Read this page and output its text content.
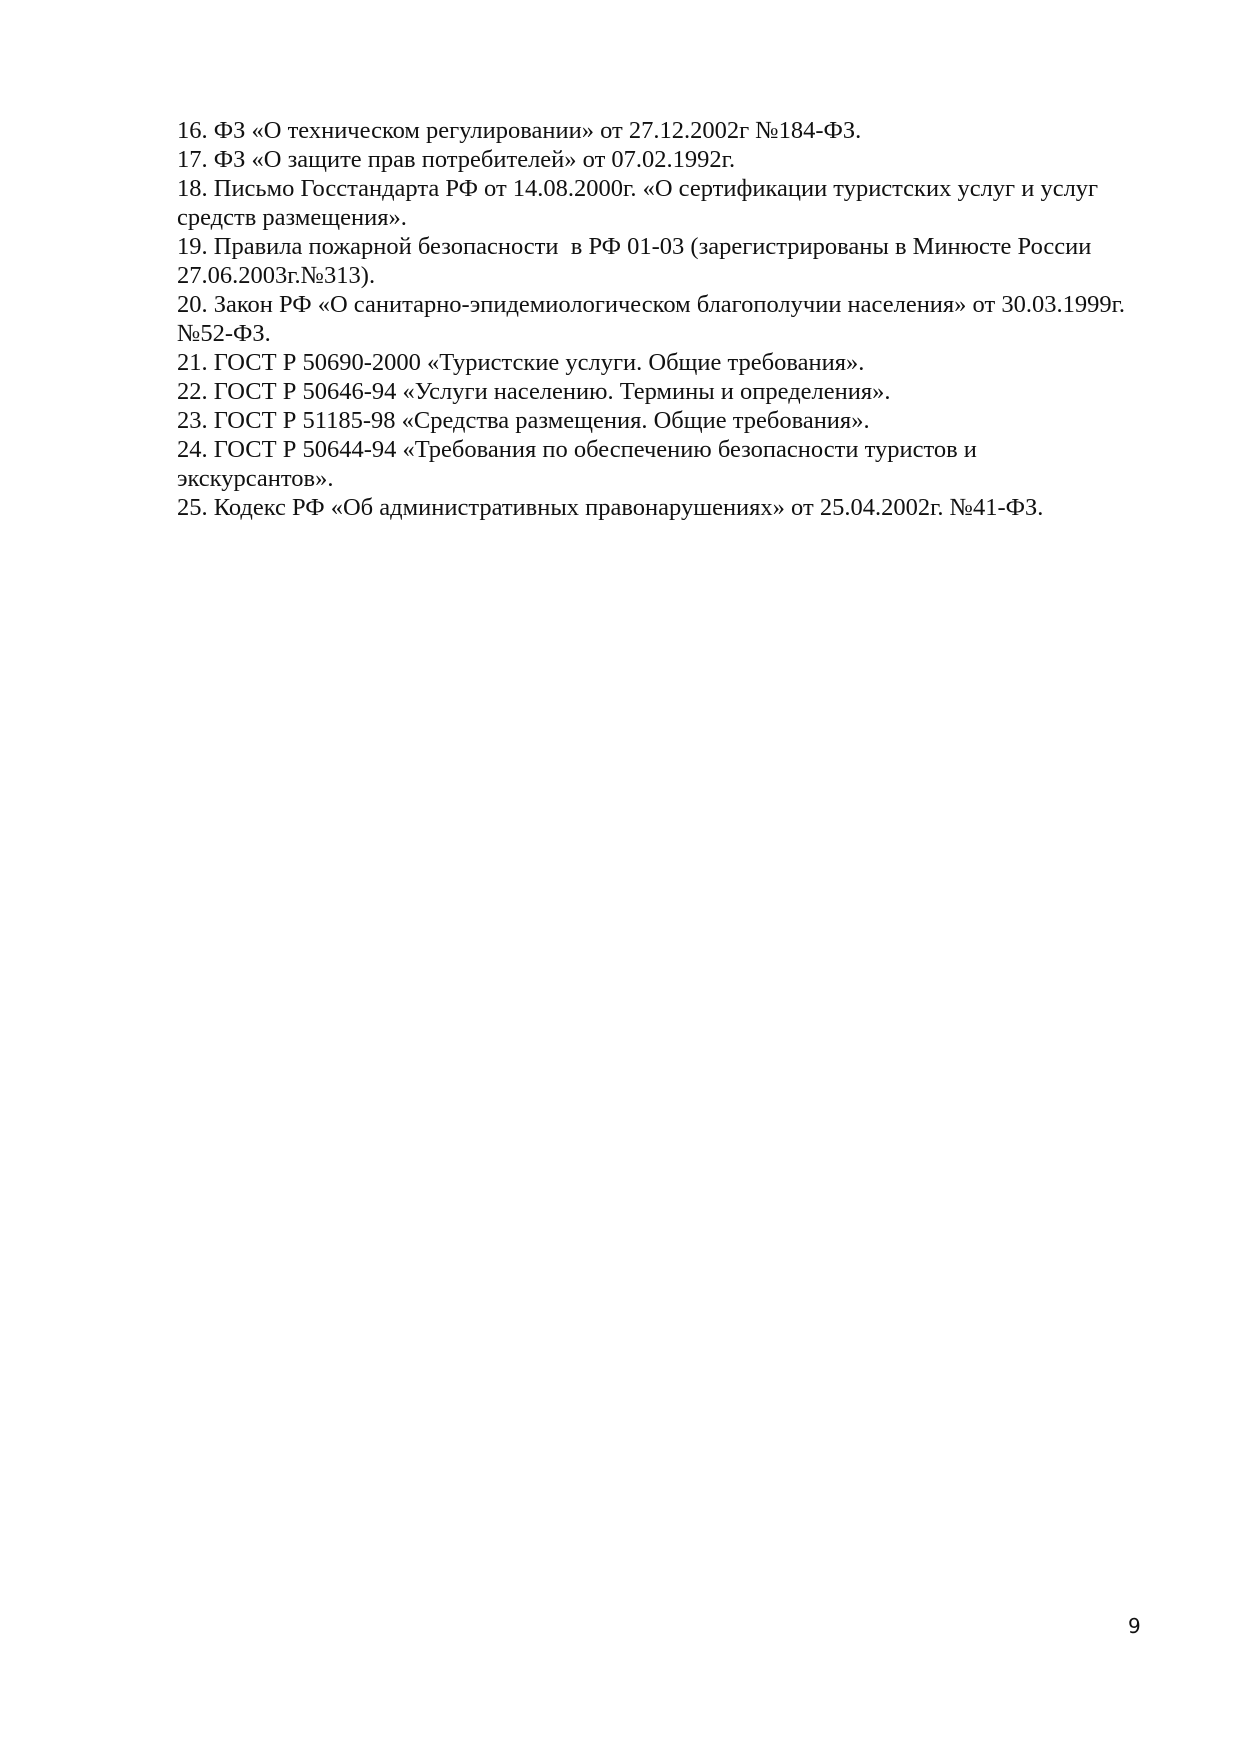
16. ФЗ «О техническом регулировании» от 27.12.2002г №184-ФЗ.
17. ФЗ «О защите прав потребителей» от 07.02.1992г.
18. Письмо Госстандарта РФ от 14.08.2000г. «О сертификации туристских услуг и услуг
средств размещения».
19. Правила пожарной безопасности  в РФ 01-03 (зарегистрированы в Минюсте России
27.06.2003г.№313).
20. Закон РФ «О санитарно-эпидемиологическом благополучии населения» от 30.03.1999г.
№52-ФЗ.
21. ГОСТ Р 50690-2000 «Туристские услуги. Общие требования».
22. ГОСТ Р 50646-94 «Услуги населению. Термины и определения».
23. ГОСТ Р 51185-98 «Средства размещения. Общие требования».
24. ГОСТ Р 50644-94 «Требования по обеспечению безопасности туристов и
экскурсантов».
25. Кодекс РФ «Об административных правонарушениях» от 25.04.2002г. №41-ФЗ.
9
